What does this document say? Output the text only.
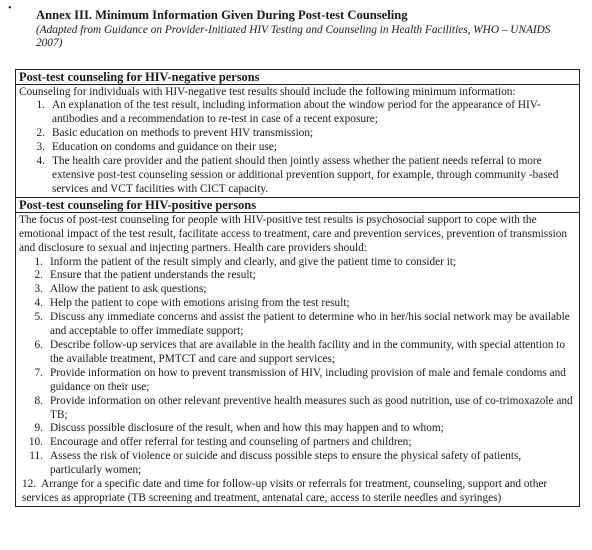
• Annex III. Minimum Information Given During Post-test Counseling
(Adapted from Guidance on Provider-Initiated HIV Testing and Counseling in Health Facilities, WHO – UNAIDS 2007)
Post-test counseling for HIV-negative persons
Counseling for individuals with HIV-negative test results should include the following minimum information:
1. An explanation of the test result, including information about the window period for the appearance of HIV-antibodies and a recommendation to re-test in case of a recent exposure;
2. Basic education on methods to prevent HIV transmission;
3. Education on condoms and guidance on their use;
4. The health care provider and the patient should then jointly assess whether the patient needs referral to more extensive post-test counseling session or additional prevention support, for example, through community -based services and VCT facilities with CICT capacity.
Post-test counseling for HIV-positive persons
The focus of post-test counseling for people with HIV-positive test results is psychosocial support to cope with the emotional impact of the test result, facilitate access to treatment, care and prevention services, prevention of transmission and disclosure to sexual and injecting partners. Health care providers should:
1. Inform the patient of the result simply and clearly, and give the patient time to consider it;
2. Ensure that the patient understands the result;
3. Allow the patient to ask questions;
4. Help the patient to cope with emotions arising from the test result;
5. Discuss any immediate concerns and assist the patient to determine who in her/his social network may be available and acceptable to offer immediate support;
6. Describe follow-up services that are available in the health facility and in the community, with special attention to the available treatment, PMTCT and care and support services;
7. Provide information on how to prevent transmission of HIV, including provision of male and female condoms and guidance on their use;
8. Provide information on other relevant preventive health measures such as good nutrition, use of co-trimoxazole and TB;
9. Discuss possible disclosure of the result, when and how this may happen and to whom;
10. Encourage and offer referral for testing and counseling of partners and children;
11. Assess the risk of violence or suicide and discuss possible steps to ensure the physical safety of patients, particularly women;
12. Arrange for a specific date and time for follow-up visits or referrals for treatment, counseling, support and other services as appropriate (TB screening and treatment, antenatal care, access to sterile needles and syringes)
